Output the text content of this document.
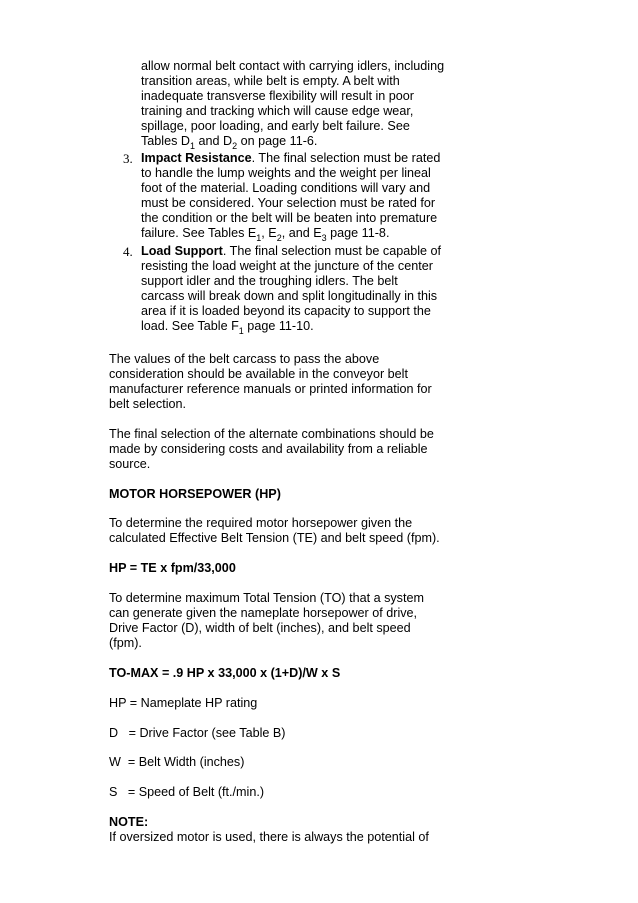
allow normal belt contact with carrying idlers, including
transition areas, while belt is empty. A belt with
inadequate transverse flexibility will result in poor
training and tracking which will cause edge wear,
spillage, poor loading, and early belt failure. See
Tables $D_1$ and $D_2$ on page 11-6.
3. Impact Resistance. The final selection must be rated
to handle the lump weights and the weight per lineal
foot of the material. Loading conditions will vary and
must be considered. Your selection must be rated for
the condition or the belt will be beaten into premature
failure. See Tables $E_1$, $E_2$, and $E_3$ page 11-8.
4. Load Support. The final selection must be capable of
resisting the load weight at the juncture of the center
support idler and the troughing idlers. The belt
carcass will break down and split longitudinally in this
area if it is loaded beyond its capacity to support the
load. See Table $F_1$ page 11-10.
The values of the belt carcass to pass the above
consideration should be available in the conveyor belt
manufacturer reference manuals or printed information for
belt selection.
The final selection of the alternate combinations should be
made by considering costs and availability from a reliable
source.
MOTOR HORSEPOWER (HP)
To determine the required motor horsepower given the
calculated Effective Belt Tension (TE) and belt speed (fpm).
HP = TE x fpm/33,000
To determine maximum Total Tension (TO) that a system
can generate given the nameplate horsepower of drive,
Drive Factor (D), width of belt (inches), and belt speed
(fpm).
TO-MAX = .9 HP x 33,000 x (1+D)/W x S
HP = Nameplate HP rating
D   = Drive Factor (see Table B)
W  = Belt Width (inches)
S   = Speed of Belt (ft./min.)
NOTE:
If oversized motor is used, there is always the potential of
